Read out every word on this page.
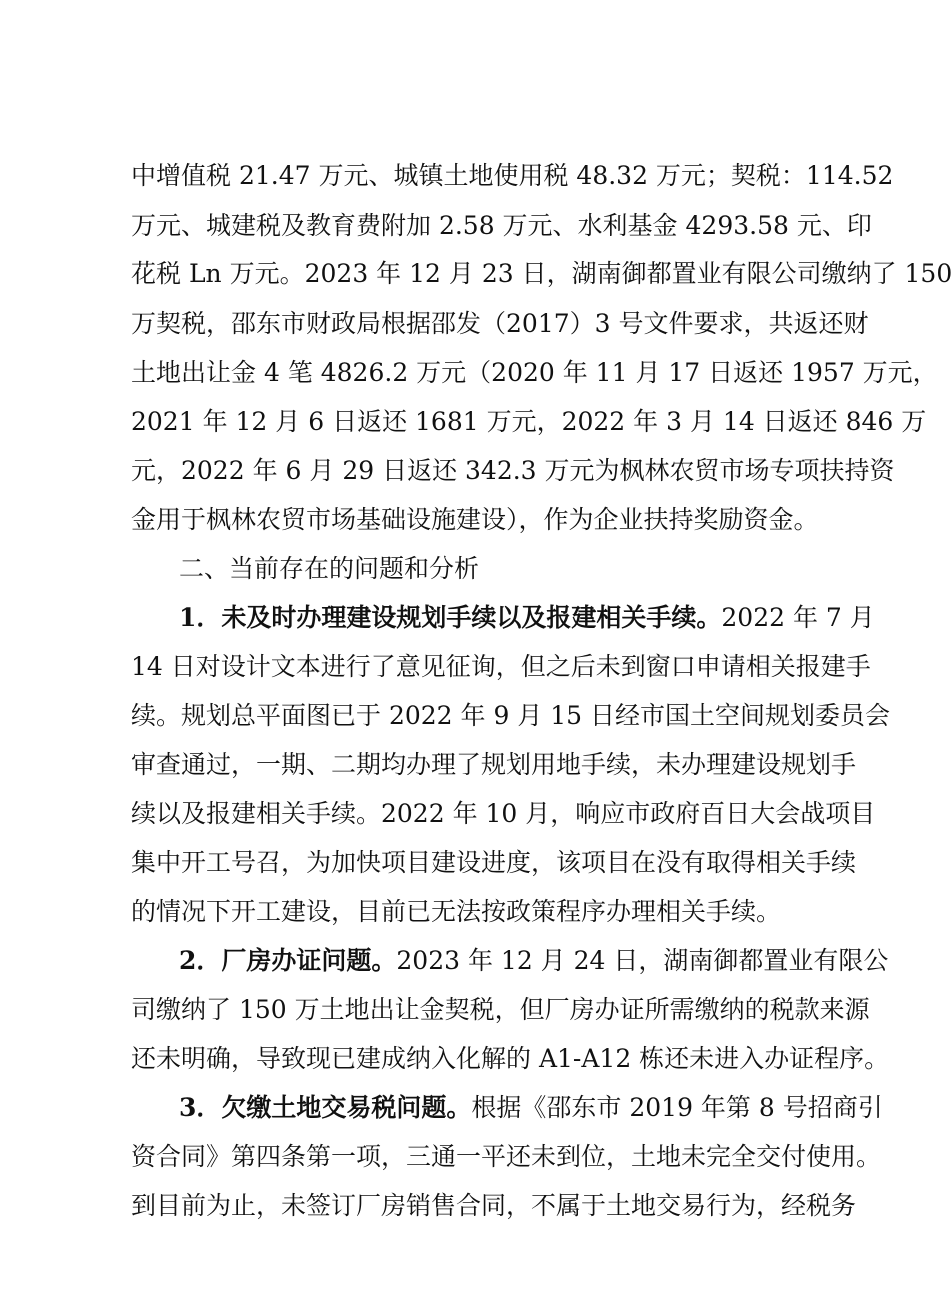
中增值税 21.47 万元、城镇土地使用税 48.32 万元；契税：114.52
万元、城建税及教育费附加 2.58 万元、水利基金 4293.58 元、印
花税 Ln 万元。2023 年 12 月 23 日，湖南御都置业有限公司缴纳了 150
万契税，邵东市财政局根据邵发（2017）3 号文件要求，共返还财
土地出让金 4 笔 4826.2 万元（2020 年 11 月 17 日返还 1957 万元，
2021 年 12 月 6 日返还 1681 万元，2022 年 3 月 14 日返还 846 万
元，2022 年 6 月 29 日返还 342.3 万元为枫林农贸市场专项扶持资
金用于枫林农贸市场基础设施建设），作为企业扶持奖励资金。
二、当前存在的问题和分析
1．未及时办理建设规划手续以及报建相关手续。2022 年 7 月
14 日对设计文本进行了意见征询，但之后未到窗口申请相关报建手
续。规划总平面图已于 2022 年 9 月 15 日经市国土空间规划委员会
审查通过，一期、二期均办理了规划用地手续，未办理建设规划手
续以及报建相关手续。2022 年 10 月，响应市政府百日大会战项目
集中开工号召，为加快项目建设进度，该项目在没有取得相关手续
的情况下开工建设，目前已无法按政策程序办理相关手续。
2．厂房办证问题。2023 年 12 月 24 日，湖南御都置业有限公
司缴纳了 150 万土地出让金契税，但厂房办证所需缴纳的税款来源
还未明确，导致现已建成纳入化解的 A1-A12 栋还未进入办证程序。
3．欠缴土地交易税问题。根据《邵东市 2019 年第 8 号招商引
资合同》第四条第一项，三通一平还未到位，土地未完全交付使用。
到目前为止，未签订厂房销售合同，不属于土地交易行为，经税务
